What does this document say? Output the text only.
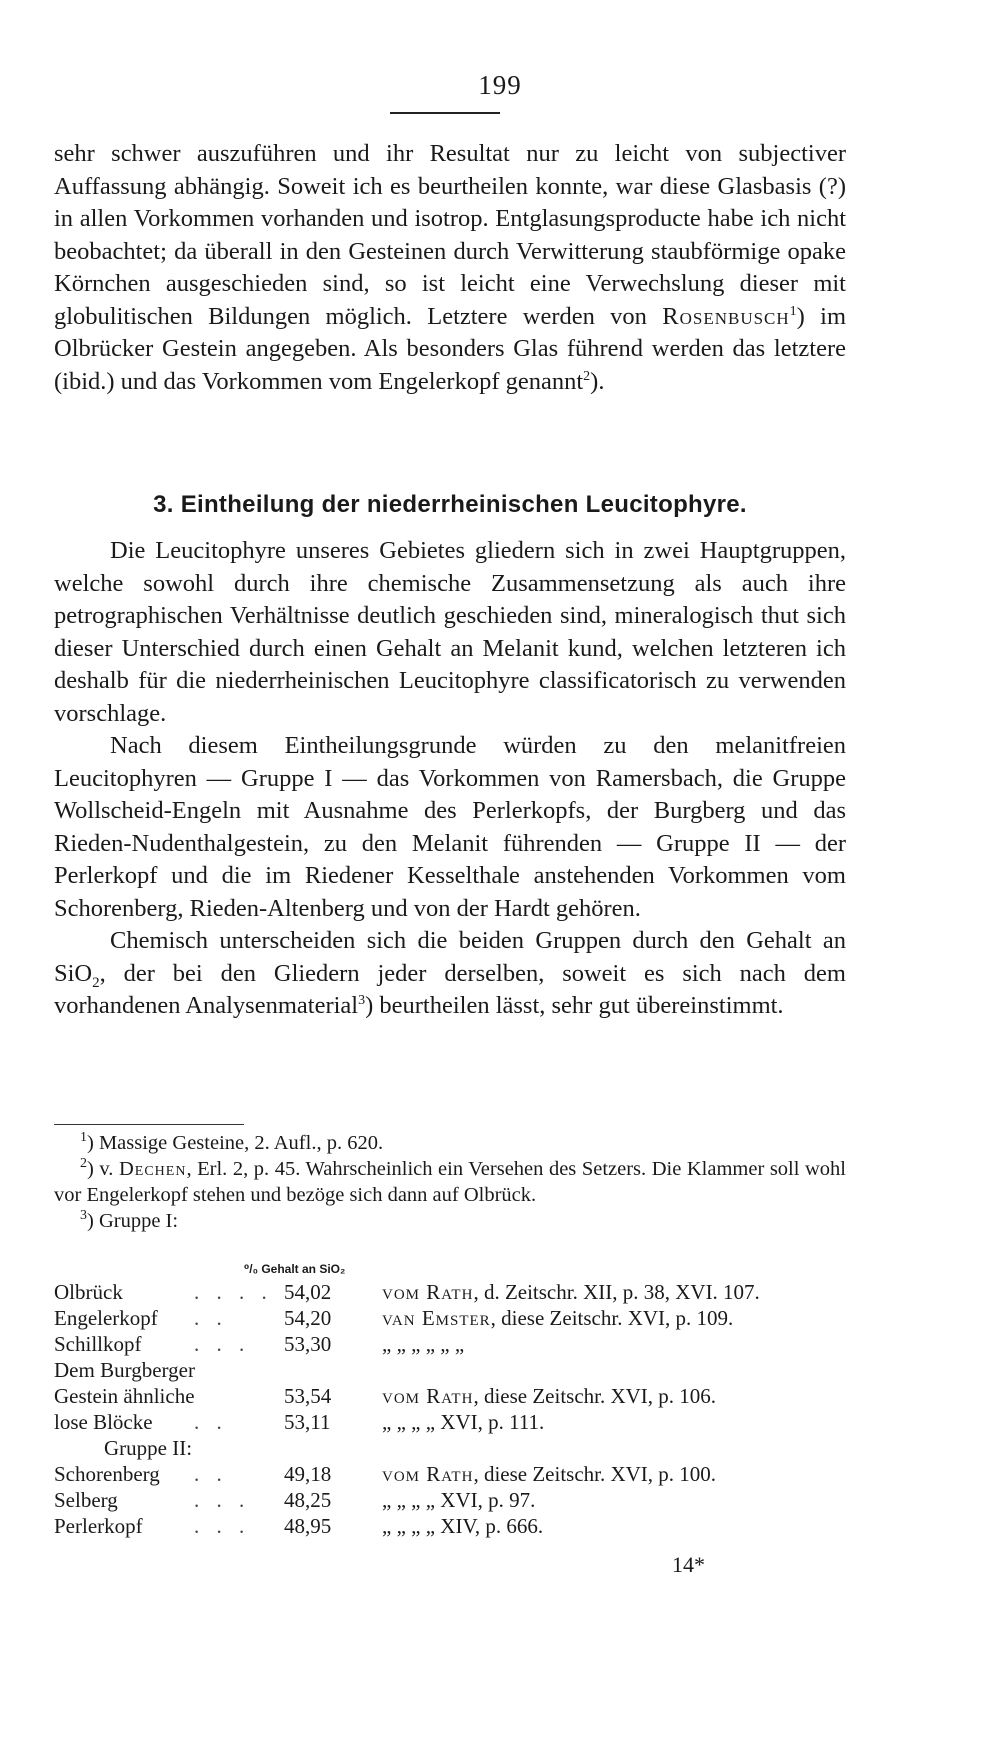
199

sehr schwer auszuführen und ihr Resultat nur zu leicht von subjectiver Auffassung abhängig. Soweit ich es beurtheilen konnte, war diese Glasbasis (?) in allen Vorkommen vorhanden und isotrop. Entglasungsproducte habe ich nicht beobachtet; da überall in den Gesteinen durch Verwitterung staubförmige opake Körnchen ausgeschieden sind, so ist leicht eine Verwechslung dieser mit globulitischen Bildungen möglich. Letztere werden von Rosenbusch$^1$) im Olbrücker Gestein angegeben. Als besonders Glas führend werden das letztere (ibid.) und das Vorkommen vom Engelerkopf genannt$^2$).

3. Eintheilung der niederrheinischen Leucitophyre.

Die Leucitophyre unseres Gebietes gliedern sich in zwei Hauptgruppen, welche sowohl durch ihre chemische Zusammensetzung als auch ihre petrographischen Verhältnisse deutlich geschieden sind, mineralogisch thut sich dieser Unterschied durch einen Gehalt an Melanit kund, welchen letzteren ich deshalb für die niederrheinischen Leucitophyre classificatorisch zu verwenden vorschlage.

Nach diesem Eintheilungsgrunde würden zu den melanitfreien Leucitophyren — Gruppe I — das Vorkommen von Ramersbach, die Gruppe Wollscheid-Engeln mit Ausnahme des Perlerkopfs, der Burgberg und das Rieden-Nudenthalgestein, zu den Melanit führenden — Gruppe II — der Perlerkopf und die im Riedener Kesselthale anstehenden Vorkommen vom Schorenberg, Rieden-Altenberg und von der Hardt gehören.

Chemisch unterscheiden sich die beiden Gruppen durch den Gehalt an SiO$_2$, der bei den Gliedern jeder derselben, soweit es sich nach dem vorhandenen Analysenmaterial$^3$) beurtheilen lässt, sehr gut übereinstimmt.

$^1$) Massige Gesteine, 2. Aufl., p. 620.

$^2$) v. Dechen, Erl. 2, p. 45. Wahrscheinlich ein Versehen des Setzers. Die Klammer soll wohl vor Engelerkopf stehen und bezöge sich dann auf Olbrück.

$^3$) Gruppe I:

⁰/₀ Gehalt an SiO₂
Olbrück	. . . . 54,02 vom Rath, d. Zeitschr. XII, p. 38, XVI. 107.
Engelerkopf . .	54,20 van Emster, diese Zeitschr. XVI, p. 109.
Schillkopf	. . . 53,30 „ „ „ „ „ „
Dem Burgberger
Gestein ähnliche	53,54 vom Rath, diese Zeitschr. XVI, p. 106.
lose Blöcke . .	53,11 „ „ „ „ XVI, p. 111.
Gruppe II:
Schorenberg . .	49,18 vom Rath, diese Zeitschr. XVI, p. 100.
Selberg	. . . 48,25 „ „ „ „ XVI, p. 97.
Perlerkopf . . . 48,95 „ „ „ „ XIV, p. 666.
14*
